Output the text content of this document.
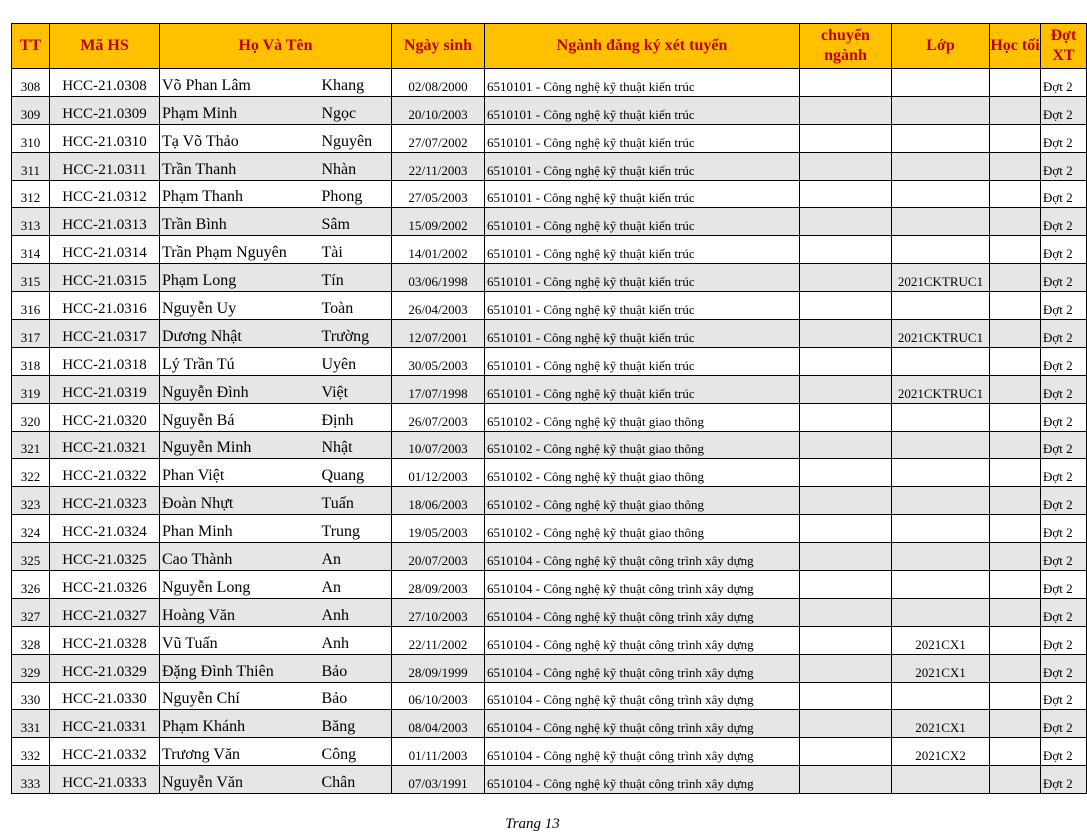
TT	Mã HS	Họ Và Tên		Ngày sinh	Ngành đăng ký xét tuyển	chuyển ngành	Lớp	Học tối	Đợt XT
308	HCC-21.0308	Võ Phan Lâm	Khang	02/08/2000	6510101 - Công nghệ kỹ thuật kiến trúc				Đợt 2
309	HCC-21.0309	Phạm Minh	Ngọc	20/10/2003	6510101 - Công nghệ kỹ thuật kiến trúc				Đợt 2
310	HCC-21.0310	Tạ Võ Thảo	Nguyên	27/07/2002	6510101 - Công nghệ kỹ thuật kiến trúc				Đợt 2
311	HCC-21.0311	Trần Thanh	Nhàn	22/11/2003	6510101 - Công nghệ kỹ thuật kiến trúc				Đợt 2
312	HCC-21.0312	Phạm Thanh	Phong	27/05/2003	6510101 - Công nghệ kỹ thuật kiến trúc				Đợt 2
313	HCC-21.0313	Trần Bình	Sâm	15/09/2002	6510101 - Công nghệ kỹ thuật kiến trúc				Đợt 2
314	HCC-21.0314	Trần Phạm Nguyên	Tài	14/01/2002	6510101 - Công nghệ kỹ thuật kiến trúc				Đợt 2
315	HCC-21.0315	Phạm Long	Tín	03/06/1998	6510101 - Công nghệ kỹ thuật kiến trúc		2021CKTRUC1		Đợt 2
316	HCC-21.0316	Nguyễn Uy	Toàn	26/04/2003	6510101 - Công nghệ kỹ thuật kiến trúc				Đợt 2
317	HCC-21.0317	Dương Nhật	Trường	12/07/2001	6510101 - Công nghệ kỹ thuật kiến trúc		2021CKTRUC1		Đợt 2
318	HCC-21.0318	Lý Trần Tú	Uyên	30/05/2003	6510101 - Công nghệ kỹ thuật kiến trúc				Đợt 2
319	HCC-21.0319	Nguyễn Đình	Việt	17/07/1998	6510101 - Công nghệ kỹ thuật kiến trúc		2021CKTRUC1		Đợt 2
320	HCC-21.0320	Nguyễn Bá	Định	26/07/2003	6510102 - Công nghệ kỹ thuật giao thông				Đợt 2
321	HCC-21.0321	Nguyễn Minh	Nhật	10/07/2003	6510102 - Công nghệ kỹ thuật giao thông				Đợt 2
322	HCC-21.0322	Phan Việt	Quang	01/12/2003	6510102 - Công nghệ kỹ thuật giao thông				Đợt 2
323	HCC-21.0323	Đoàn Nhựt	Tuấn	18/06/2003	6510102 - Công nghệ kỹ thuật giao thông				Đợt 2
324	HCC-21.0324	Phan Minh	Trung	19/05/2003	6510102 - Công nghệ kỹ thuật giao thông				Đợt 2
325	HCC-21.0325	Cao Thành	An	20/07/2003	6510104 - Công nghệ kỹ thuật công trình xây dựng				Đợt 2
326	HCC-21.0326	Nguyễn Long	An	28/09/2003	6510104 - Công nghệ kỹ thuật công trình xây dựng				Đợt 2
327	HCC-21.0327	Hoàng Văn	Anh	27/10/2003	6510104 - Công nghệ kỹ thuật công trình xây dựng				Đợt 2
328	HCC-21.0328	Vũ Tuấn	Anh	22/11/2002	6510104 - Công nghệ kỹ thuật công trình xây dựng		2021CX1		Đợt 2
329	HCC-21.0329	Đặng Đình Thiên	Bảo	28/09/1999	6510104 - Công nghệ kỹ thuật công trình xây dựng		2021CX1		Đợt 2
330	HCC-21.0330	Nguyễn Chí	Bảo	06/10/2003	6510104 - Công nghệ kỹ thuật công trình xây dựng				Đợt 2
331	HCC-21.0331	Phạm Khánh	Băng	08/04/2003	6510104 - Công nghệ kỹ thuật công trình xây dựng		2021CX1		Đợt 2
332	HCC-21.0332	Trương Văn	Công	01/11/2003	6510104 - Công nghệ kỹ thuật công trình xây dựng		2021CX2		Đợt 2
333	HCC-21.0333	Nguyễn Văn	Chân	07/03/1991	6510104 - Công nghệ kỹ thuật công trình xây dựng				Đợt 2
Trang 13
